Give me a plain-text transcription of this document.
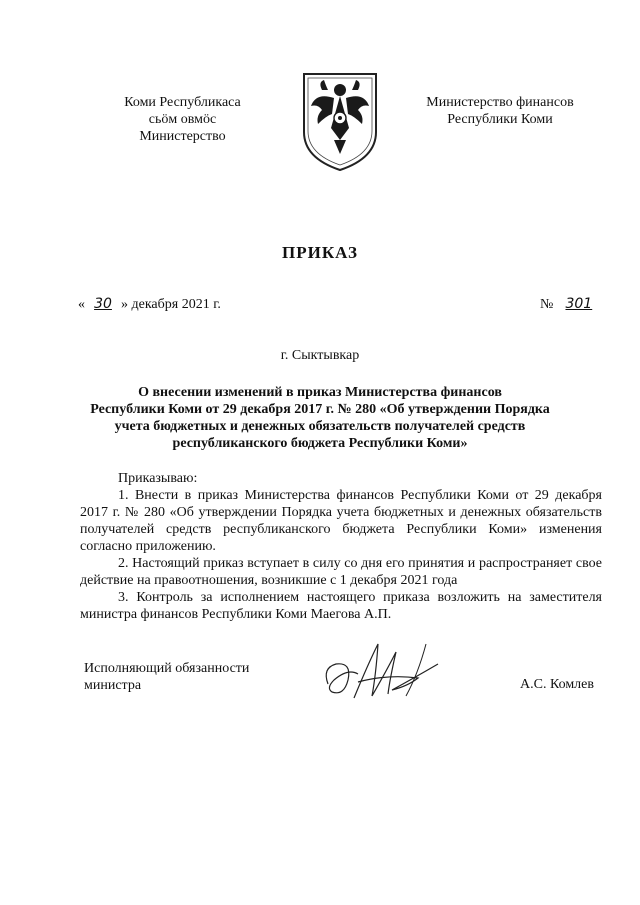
Коми Республикаса
сьӧм овмӧс
Министерство
Министерство финансов
Республики Коми
ПРИКАЗ
« 30 » декабря 2021 г.	№ 301
г. Сыктывкар
О внесении изменений в приказ Министерства финансов
Республики Коми от 29 декабря 2017 г. № 280 «Об утверждении Порядка
учета бюджетных и денежных обязательств получателей средств
республиканского бюджета Республики Коми»

Приказываю:

1. Внести в приказ Министерства финансов Республики Коми от 29 декабря 2017 г. № 280 «Об утверждении Порядка учета бюджетных и денежных обязательств получателей средств республиканского бюджета Республики Коми» изменения согласно приложению.

2. Настоящий приказ вступает в силу со дня его принятия и распространяет свое действие на правоотношения, возникшие с 1 декабря 2021 года

3. Контроль за исполнением настоящего приказа возложить на заместителя министра финансов Республики Коми Маегова А.П.

Исполняющий обязанности
министра	А.С. Комлев
